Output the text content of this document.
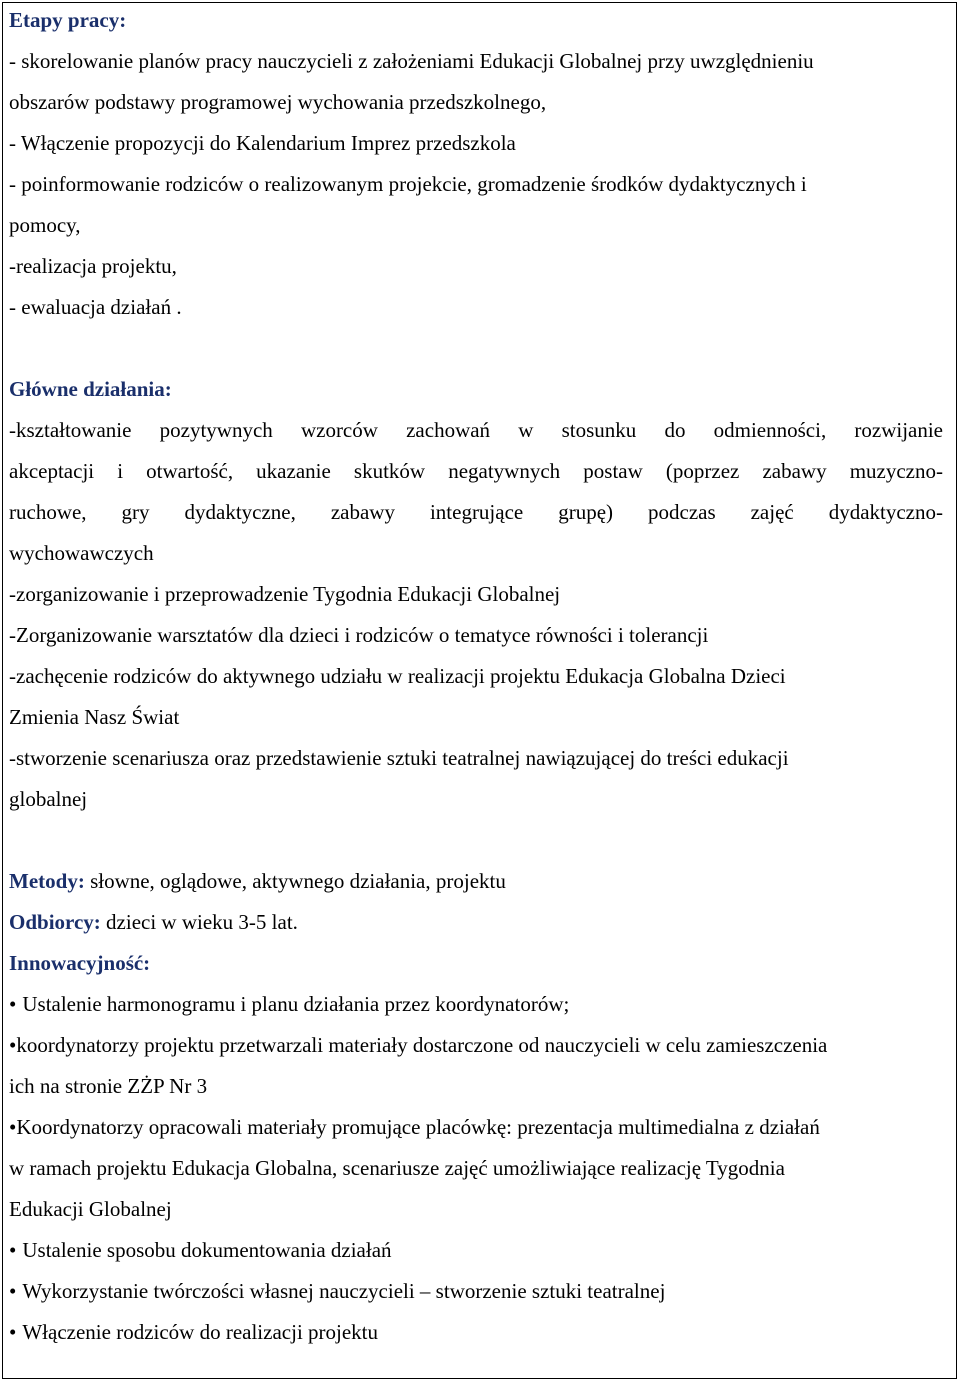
Etapy pracy:
- skorelowanie planów pracy nauczycieli z założeniami Edukacji Globalnej przy uwzględnieniu
obszarów podstawy programowej wychowania przedszkolnego,
- Włączenie propozycji do Kalendarium Imprez przedszkola
- poinformowanie rodziców o realizowanym projekcie, gromadzenie środków dydaktycznych i
pomocy,
-realizacja projektu,
- ewaluacja działań .
Główne działania:
-kształtowanie pozytywnych wzorców zachowań w stosunku do odmienności, rozwijanie
akceptacji i otwartość, ukazanie skutków negatywnych postaw (poprzez zabawy muzyczno-
ruchowe, gry dydaktyczne, zabawy integrujące grupę) podczas zajęć dydaktyczno-
wychowawczych
-zorganizowanie i przeprowadzenie Tygodnia Edukacji Globalnej
-Zorganizowanie warsztatów dla dzieci i rodziców o tematyce równości i tolerancji
-zachęcenie rodziców do aktywnego udziału w realizacji projektu Edukacja Globalna Dzieci
Zmienia Nasz Świat
-stworzenie scenariusza oraz przedstawienie sztuki teatralnej nawiązującej do treści edukacji
globalnej
Metody: słowne, oglądowe, aktywnego działania, projektu
Odbiorcy: dzieci w wieku 3-5 lat.
Innowacyjność:
• Ustalenie harmonogramu i planu działania przez koordynatorów;
•koordynatorzy projektu przetwarzali materiały dostarczone od nauczycieli w celu zamieszczenia
ich na stronie ZŻP Nr 3
•Koordynatorzy opracowali materiały promujące placówkę: prezentacja multimedialna z działań
w ramach projektu Edukacja Globalna, scenariusze zajęć umożliwiające realizację Tygodnia
Edukacji Globalnej
• Ustalenie sposobu dokumentowania działań
• Wykorzystanie twórczości własnej nauczycieli – stworzenie sztuki teatralnej
• Włączenie rodziców do realizacji projektu
